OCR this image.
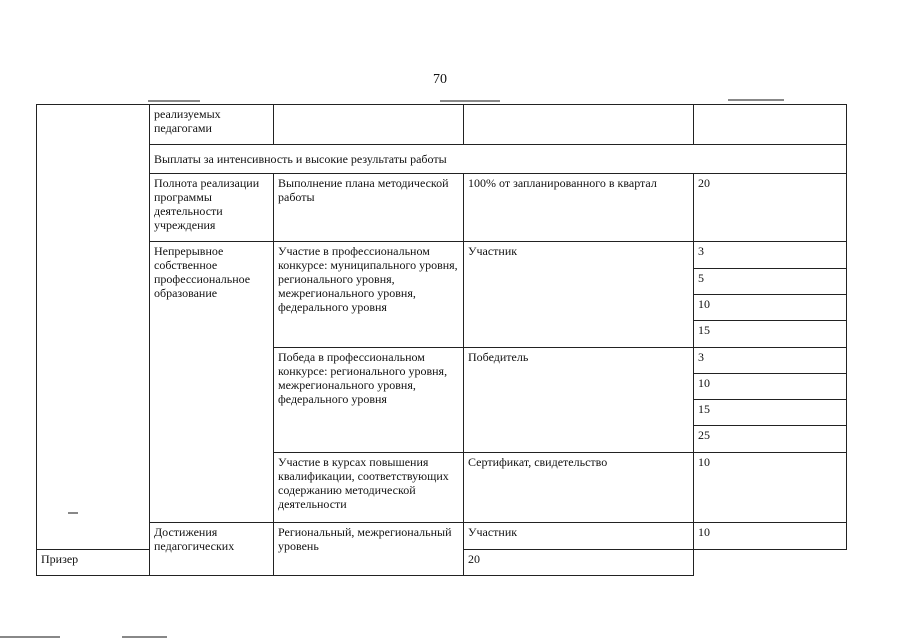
70
	реализуемых педагогами			
	Выплаты за интенсивность и высокие результаты работы			
	Полнота реализации программы деятельности учреждения	Выполнение плана методической работы	100% от запланированного в квартал	20
	Непрерывное собственное профессиональное образование	Участие в профессиональном конкурсе: муниципального уровня, регионального уровня, межрегионального уровня, федерального уровня	Участник	3
				5
				10
				15
		Победа в профессиональном конкурсе: регионального уровня, межрегионального уровня, федерального уровня	Победитель	3
				10
				15
				25
		Участие в курсах повышения квалификации, соответствующих содержанию методической деятельности	Сертификат, свидетельство	10
	Достижения педагогических	Региональный, межрегиональный уровень	Участник	10
Призер			20	
